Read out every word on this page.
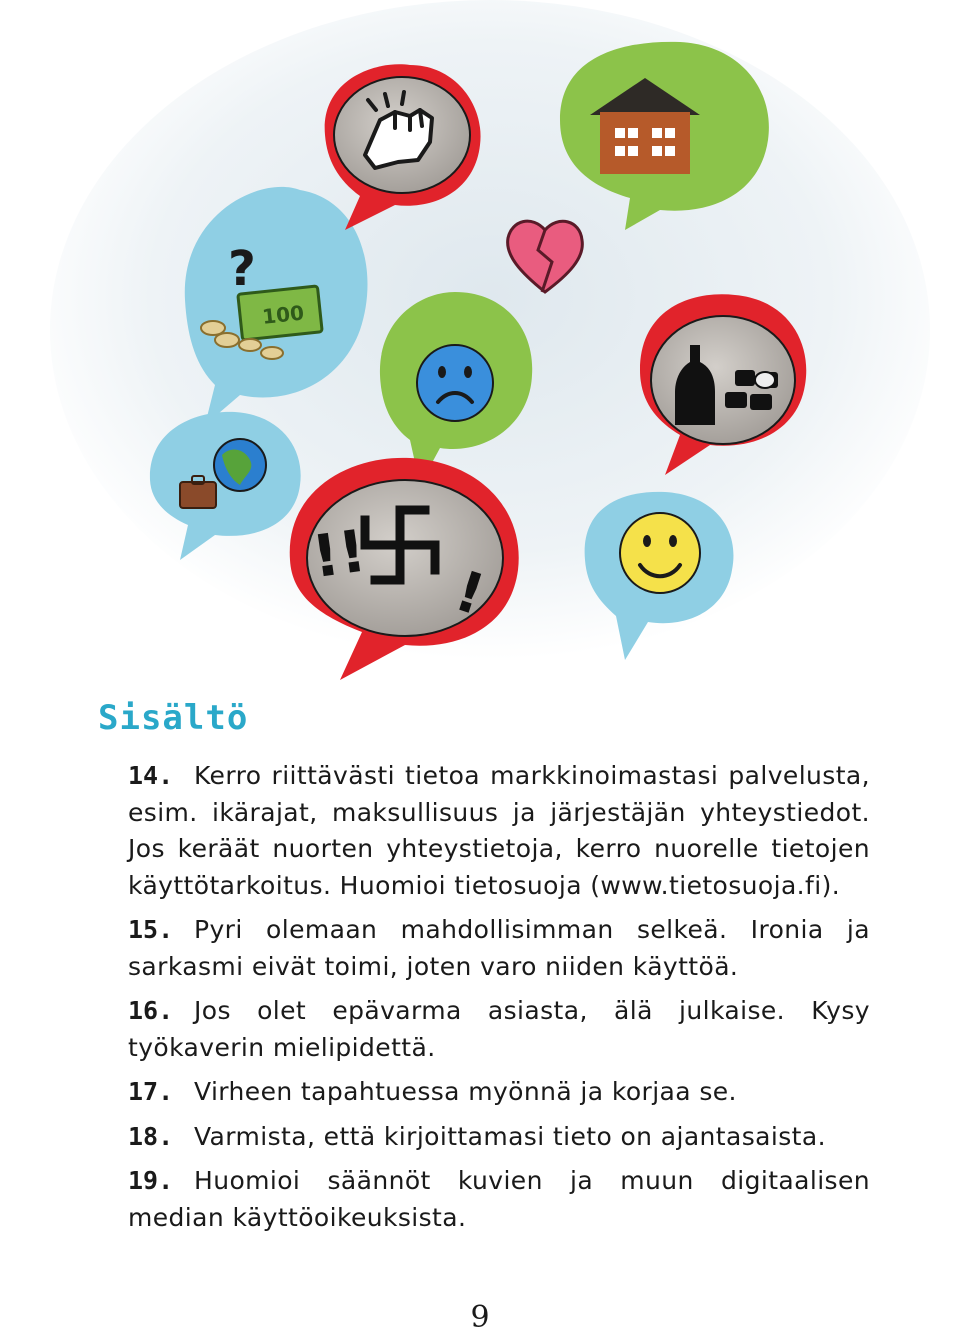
?
100
!!
!
Sisältö

14. Kerro riittävästi tietoa markkinoimastasi palvelusta, esim. ikärajat, maksullisuus ja järjestäjän yhteystiedot. Jos keräät nuorten yhteystietoja, kerro nuorelle tietojen käyttötarkoitus. Huomioi tietosuoja (www.tietosuoja.fi).

15. Pyri olemaan mahdollisimman selkeä. Ironia ja sarkasmi eivät toimi, joten varo niiden käyttöä.

16. Jos olet epävarma asiasta, älä julkaise. Kysy työkaverin mielipidettä.

17. Virheen tapahtuessa myönnä ja korjaa se.

18. Varmista, että kirjoittamasi tieto on ajantasaista.

19. Huomioi säännöt kuvien ja muun digitaalisen median käyttöoikeuksista.

9
